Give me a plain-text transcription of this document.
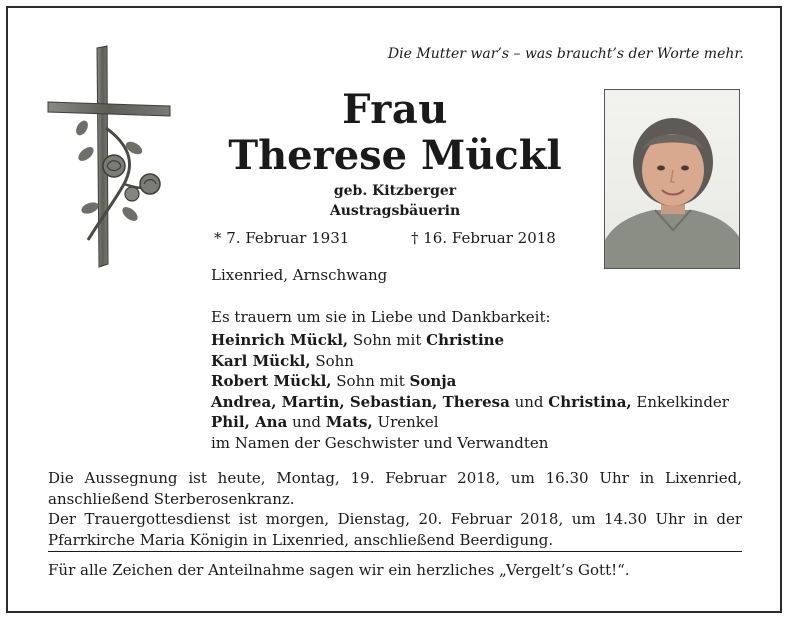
Die Mutter war’s – was braucht’s der Worte mehr.
Frau
Therese Mückl
geb. Kitzberger
Austragsbäuerin
* 7. Februar 1931	† 16. Februar 2018
Lixenried, Arnschwang
Es trauern um sie in Liebe und Dankbarkeit:
Heinrich Mückl, Sohn mit Christine
Karl Mückl, Sohn
Robert Mückl, Sohn mit Sonja
Andrea, Martin, Sebastian, Theresa und Christina, Enkelkinder
Phil, Ana und Mats, Urenkel
im Namen der Geschwister und Verwandten
Die Aussegnung ist heute, Montag, 19. Februar 2018, um 16.30 Uhr in Lixenried, anschließend Sterberosenkranz.
Der Trauergottesdienst ist morgen, Dienstag, 20. Februar 2018, um 14.30 Uhr in der Pfarrkirche Maria Königin in Lixenried, anschließend Beerdigung.
Für alle Zeichen der Anteilnahme sagen wir ein herzliches „Vergelt’s Gott!“.
